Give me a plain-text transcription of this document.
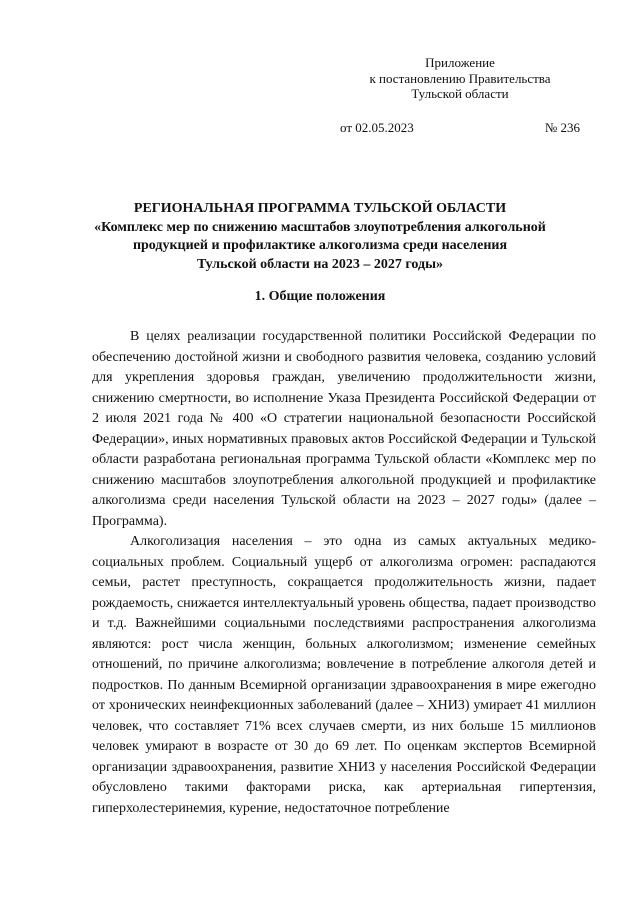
Приложение
к постановлению Правительства
Тульской области
от 02.05.2023	№ 236
РЕГИОНАЛЬНАЯ ПРОГРАММА ТУЛЬСКОЙ ОБЛАСТИ
«Комплекс мер по снижению масштабов злоупотребления алкогольной
продукцией и профилактике алкоголизма среди населения
Тульской области на 2023 – 2027 годы»
1. Общие положения

В целях реализации государственной политики Российской Федерации по обеспечению достойной жизни и свободного развития человека, созданию условий для укрепления здоровья граждан, увеличению продолжительности жизни, снижению смертности, во исполнение Указа Президента Российской Федерации от 2 июля 2021 года № 400 «О стратегии национальной безопасности Российской Федерации», иных нормативных правовых актов Российской Федерации и Тульской области разработана региональная программа Тульской области «Комплекс мер по снижению масштабов злоупотребления алкогольной продукцией и профилактике алкоголизма среди населения Тульской области на 2023 – 2027 годы» (далее – Программа).

Алкоголизация населения – это одна из самых актуальных медико-социальных проблем. Социальный ущерб от алкоголизма огромен: распадаются семьи, растет преступность, сокращается продолжительность жизни, падает рождаемость, снижается интеллектуальный уровень общества, падает производство и т.д. Важнейшими социальными последствиями распространения алкоголизма являются: рост числа женщин, больных алкоголизмом; изменение семейных отношений, по причине алкоголизма; вовлечение в потребление алкоголя детей и подростков. По данным Всемирной организации здравоохранения в мире ежегодно от хронических неинфекционных заболеваний (далее – ХНИЗ) умирает 41 миллион человек, что составляет 71% всех случаев смерти, из них больше 15 миллионов человек умирают в возрасте от 30 до 69 лет. По оценкам экспертов Всемирной организации здравоохранения, развитие ХНИЗ у населения Российской Федерации обусловлено такими факторами риска, как артериальная гипертензия, гиперхолестеринемия, курение, недостаточное потребление
